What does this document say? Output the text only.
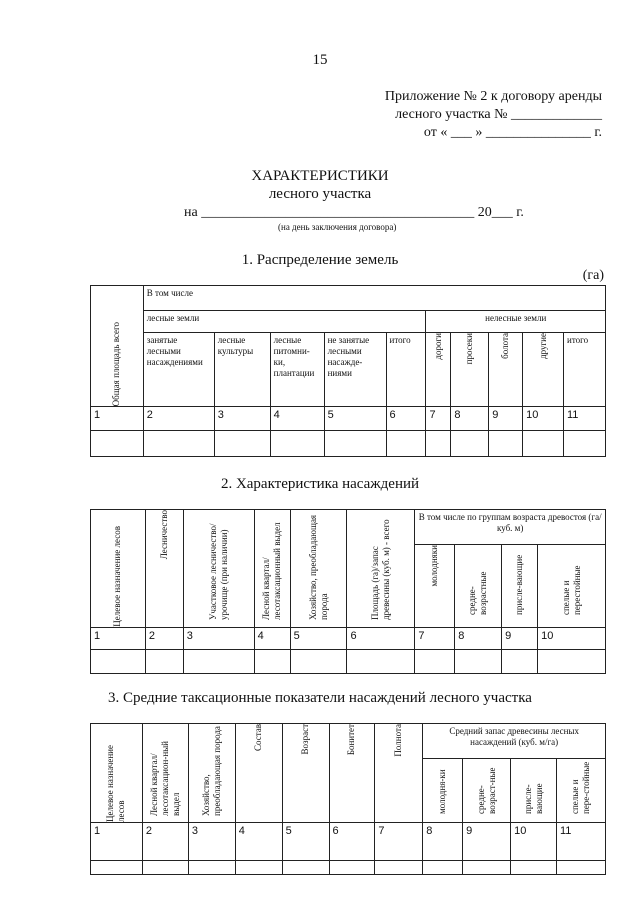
15
Приложение № 2 к договору аренды
лесного участка № _____________
от « ___ » _______________ г.
ХАРАКТЕРИСТИКИ
лесного участка
на _______________________________________ 20___ г.
(на день заключения договора)
1. Распределение земель
(га)
Общая площадь всего	В том числе									
	лесные земли					нелесные земли				
	занятые лесными насаждениями	лесные культуры	лесные питомни-ки, плантации	не занятые лесными насажде-ниями	итого	дороги	просеки	болота	другие	итого
1	2	3	4	5	6	7	8	9	10	11

2. Характеристика насаждений
Целевое назначение лесов	Лесничество	Участковое лесничество/ урочище (при наличии)	Лесной квартал/ лесотаксационный выдел	Хозяйство, преобладающая порода	Площадь (га)/запас древесины (куб. м) - всего	В том числе по группам возраста древостоя (га/куб. м)			

						молодняки	средне-возрастные	присле-вающие	спелые и перестойные

1	2	3	4	5	6	7	8	9	10

3. Средние таксационные показатели насаждений лесного участка
Целевое назначение лесов	Лесной квартал/ лесотаксацион-ный выдел	Хозяйство, преобладающая порода	Состав	Возраст	Бонитет	Полнота	Средний запас древесины лесных насаждений (куб. м/га)			

							молодня-ки	средне-возраст-ные	присле-вающие	спелые и пере-стойные

1	2	3	4	5	6	7	8	9	10	11
